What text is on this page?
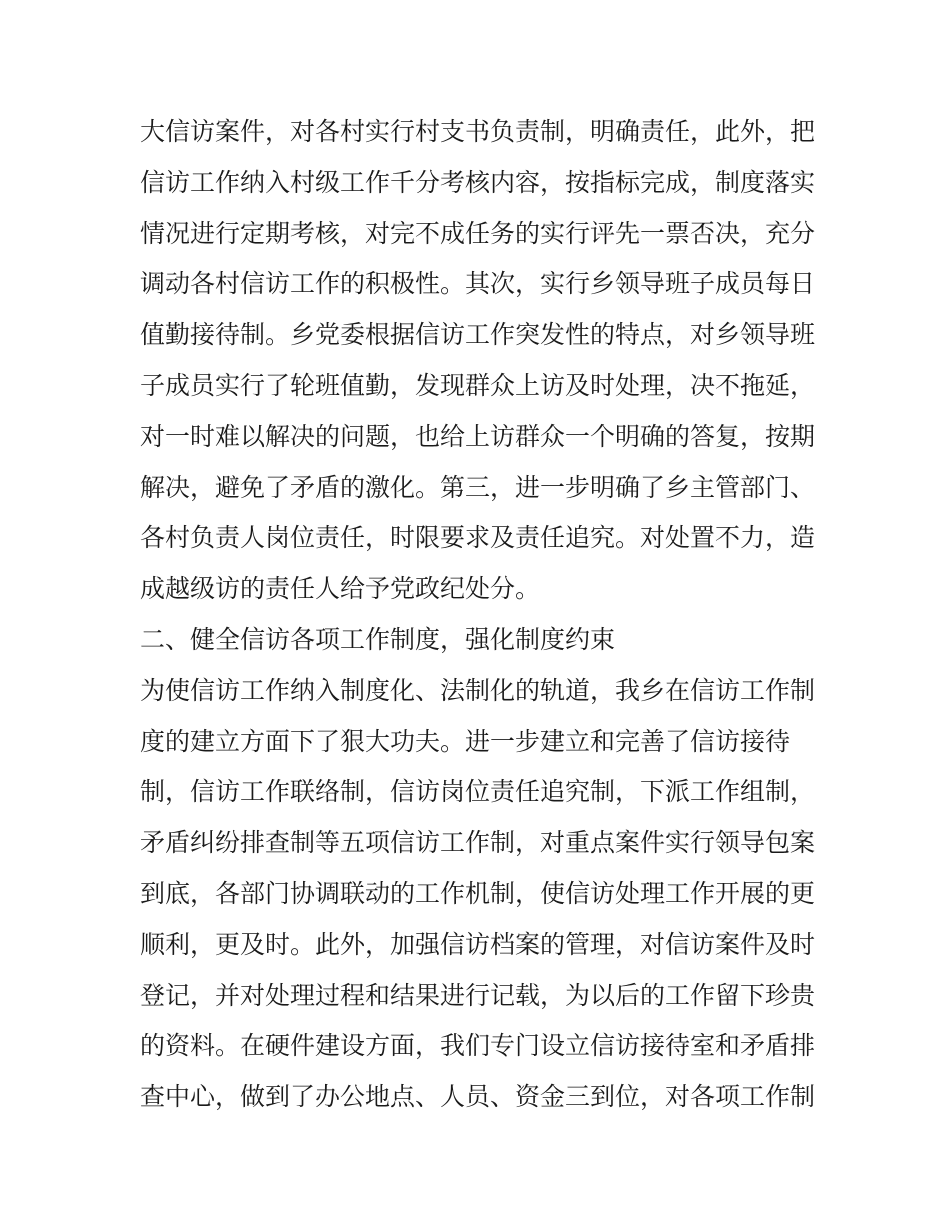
大信访案件，对各村实行村支书负责制，明确责任，此外，把
信访工作纳入村级工作千分考核内容，按指标完成，制度落实
情况进行定期考核，对完不成任务的实行评先一票否决，充分
调动各村信访工作的积极性。其次，实行乡领导班子成员每日
值勤接待制。乡党委根据信访工作突发性的特点，对乡领导班
子成员实行了轮班值勤，发现群众上访及时处理，决不拖延，
对一时难以解决的问题，也给上访群众一个明确的答复，按期
解决，避免了矛盾的激化。第三，进一步明确了乡主管部门、
各村负责人岗位责任，时限要求及责任追究。对处置不力，造
成越级访的责任人给予党政纪处分。
二、健全信访各项工作制度，强化制度约束
为使信访工作纳入制度化、法制化的轨道，我乡在信访工作制
度的建立方面下了狠大功夫。进一步建立和完善了信访接待
制，信访工作联络制，信访岗位责任追究制，下派工作组制，
矛盾纠纷排查制等五项信访工作制，对重点案件实行领导包案
到底，各部门协调联动的工作机制，使信访处理工作开展的更
顺利，更及时。此外，加强信访档案的管理，对信访案件及时
登记，并对处理过程和结果进行记载，为以后的工作留下珍贵
的资料。在硬件建设方面，我们专门设立信访接待室和矛盾排
查中心，做到了办公地点、人员、资金三到位，对各项工作制
